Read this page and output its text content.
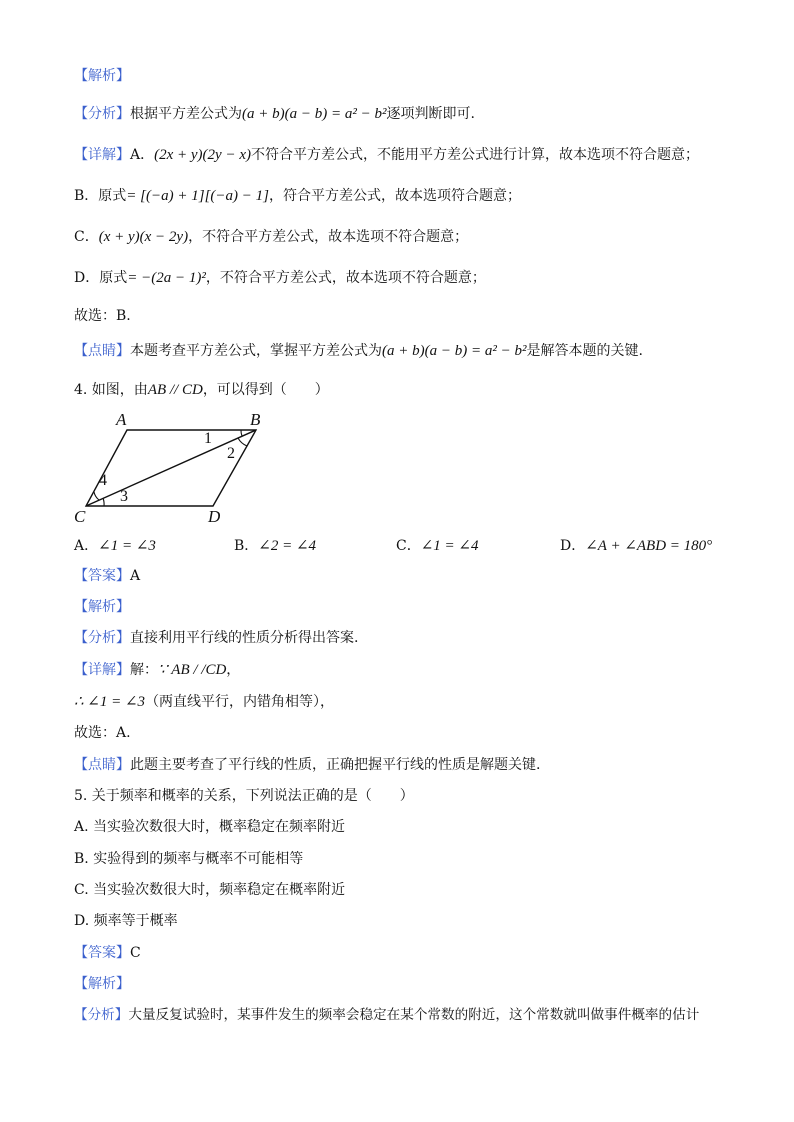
【解析】
【分析】根据平方差公式为(a + b)(a − b) = a² − b²逐项判断即可.
【详解】A．(2x + y)(2y − x)不符合平方差公式，不能用平方差公式进行计算，故本选项不符合题意；
B．原式= [(−a) + 1][(−a) − 1]，符合平方差公式，故本选项符合题意；
C．(x + y)(x − 2y)，不符合平方差公式，故本选项不符合题意；
D．原式= −(2a − 1)²，不符合平方差公式，故本选项不符合题意；
故选：B.
【点睛】本题考查平方差公式，掌握平方差公式为(a + b)(a − b) = a² − b²是解答本题的关键.
4. 如图，由AB // CD，可以得到（　　）
A	B
C	D
1
2
3
4
A．∠1 = ∠3	B．∠2 = ∠4	C．∠1 = ∠4	D．∠A + ∠ABD = 180°
【答案】A
【解析】
【分析】直接利用平行线的性质分析得出答案.
【详解】解：∵ AB / /CD，
∴ ∠1 = ∠3（两直线平行，内错角相等），
故选：A.
【点睛】此题主要考查了平行线的性质，正确把握平行线的性质是解题关键.
5. 关于频率和概率的关系，下列说法正确的是（　　）
A. 当实验次数很大时，概率稳定在频率附近
B. 实验得到的频率与概率不可能相等
C. 当实验次数很大时，频率稳定在概率附近
D. 频率等于概率
【答案】C
【解析】
【分析】大量反复试验时，某事件发生的频率会稳定在某个常数的附近，这个常数就叫做事件概率的估计
